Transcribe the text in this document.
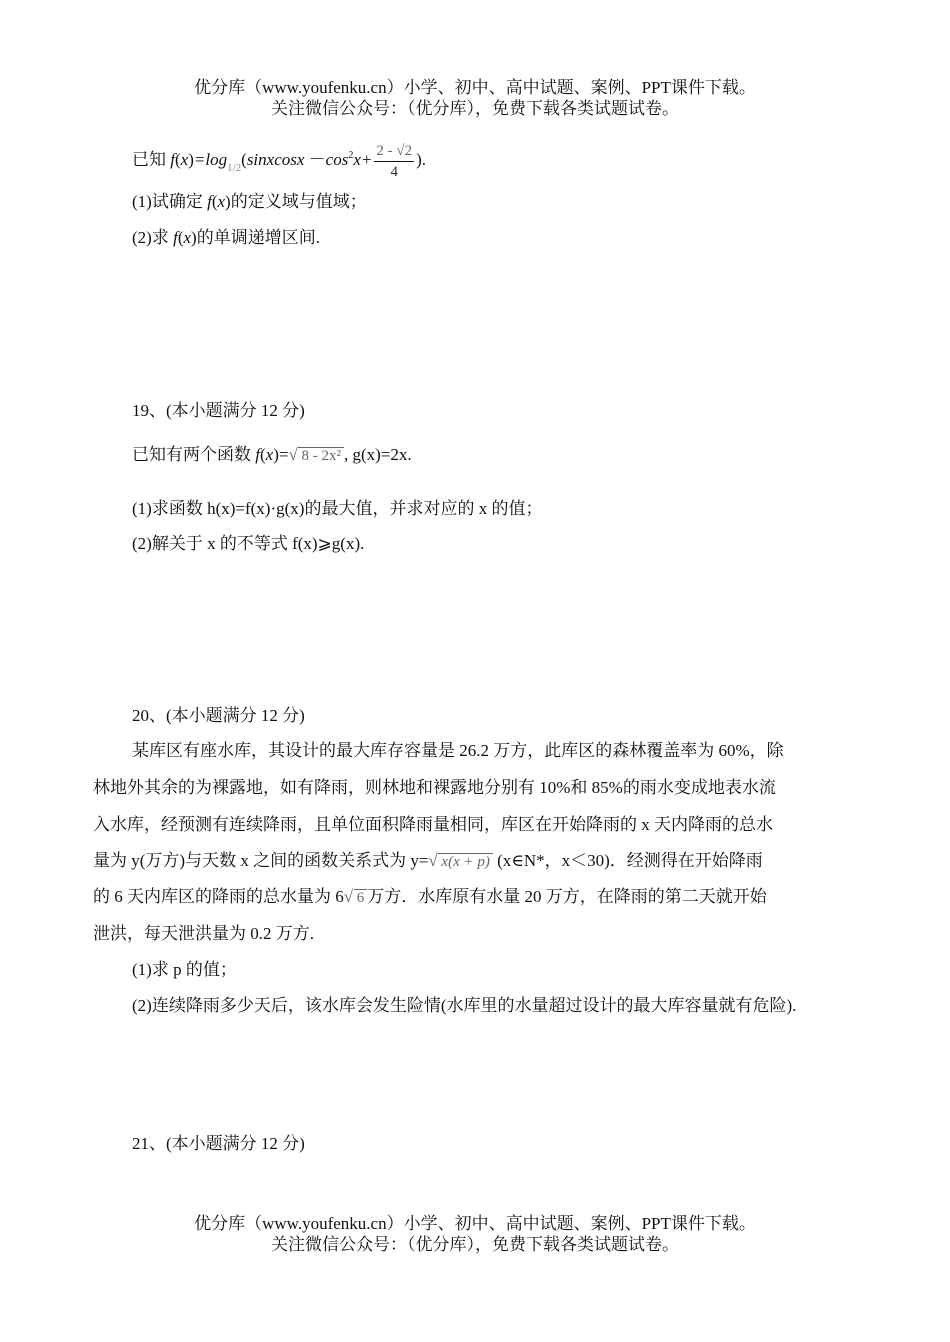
优分库（www.youfenku.cn）小学、初中、高中试题、案例、PPT课件下载。
关注微信公众号：（优分库），免费下载各类试题试卷。
已知 $f(x)=\log_{1/2}(sinxcosx -\cos^2x+ \frac{2 - √2}{4}$ ).
(1)试确定 f(x)的定义域与值域；
(2)求 f(x)的单调递增区间.
19、(本小题满分 12 分)
已知有两个函数 f(x)= √ 8 - 2x² , g(x)=2x.
(1)求函数 h(x)=f(x)·g(x)的最大值，并求对应的 x 的值；
(2)解关于 x 的不等式 f(x)⩾g(x).
20、(本小题满分 12 分)
某库区有座水库，其设计的最大库存容量是 26.2 万方，此库区的森林覆盖率为 60%，除
林地外其余的为裸露地，如有降雨，则林地和裸露地分别有 10%和 85%的雨水变成地表水流
入水库，经预测有连续降雨，且单位面积降雨量相同，库区在开始降雨的 x 天内降雨的总水
量为 y(万方)与天数 x 之间的函数关系式为 y= √ x(x + p) (x∈N*，x＜30)．经测得在开始降雨
的 6 天内库区的降雨的总水量为 6 √ 6 万方．水库原有水量 20 万方，在降雨的第二天就开始
泄洪，每天泄洪量为 0.2 万方.
(1)求 p 的值；
(2)连续降雨多少天后，该水库会发生险情(水库里的水量超过设计的最大库容量就有危险).
21、(本小题满分 12 分)
优分库（www.youfenku.cn）小学、初中、高中试题、案例、PPT课件下载。
关注微信公众号：（优分库），免费下载各类试题试卷。
